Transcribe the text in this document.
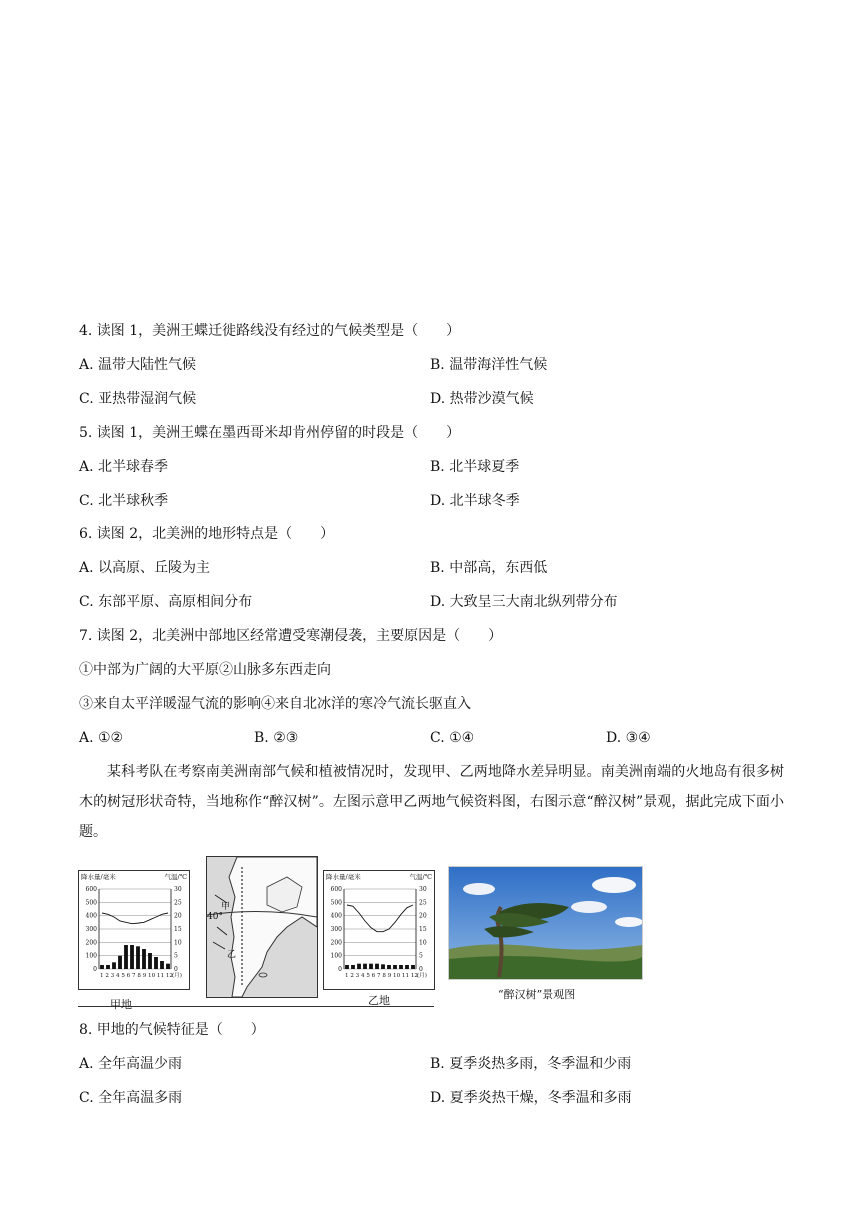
4. 读图 1，美洲王蝶迁徙路线没有经过的气候类型是（　　）
A. 温带大陆性气候	B. 温带海洋性气候
C. 亚热带湿润气候	D. 热带沙漠气候
5. 读图 1，美洲王蝶在墨西哥米却肯州停留的时段是（　　）
A. 北半球春季	B. 北半球夏季
C. 北半球秋季	D. 北半球冬季
6. 读图 2，北美洲的地形特点是（　　）
A. 以高原、丘陵为主	B. 中部高，东西低
C. 东部平原、高原相间分布	D. 大致呈三大南北纵列带分布
7. 读图 2，北美洲中部地区经常遭受寒潮侵袭，主要原因是（　　）
①中部为广阔的大平原②山脉多东西走向
③来自太平洋暖湿气流的影响④来自北冰洋的寒冷气流长驱直入
A. ①②	B. ②③	C. ①④	D. ③④

某科考队在考察南美洲南部气候和植被情况时，发现甲、乙两地降水差异明显。南美洲南端的火地岛有很多树木的树冠形状奇特，当地称作“醉汉树”。左图示意甲乙两地气候资料图，右图示意“醉汉树”景观，据此完成下面小题。

降水量/毫米	气温/℃
600
500
400
300
200
100
0
30
25
20
15
10
5
0
1 2 3 4 5 6 7 8 9 10 11 12 (月)
甲
40°
乙
降水量/毫米	气温/℃
600
500
400
300
200
100
0
30
25
20
15
10
5
0
1 2 3 4 5 6 7 8 9 10 11 12 (月)
甲地	乙地	“醉汉树”景观图
8. 甲地的气候特征是（　　）
A. 全年高温少雨	B. 夏季炎热多雨，冬季温和少雨
C. 全年高温多雨	D. 夏季炎热干燥，冬季温和多雨
